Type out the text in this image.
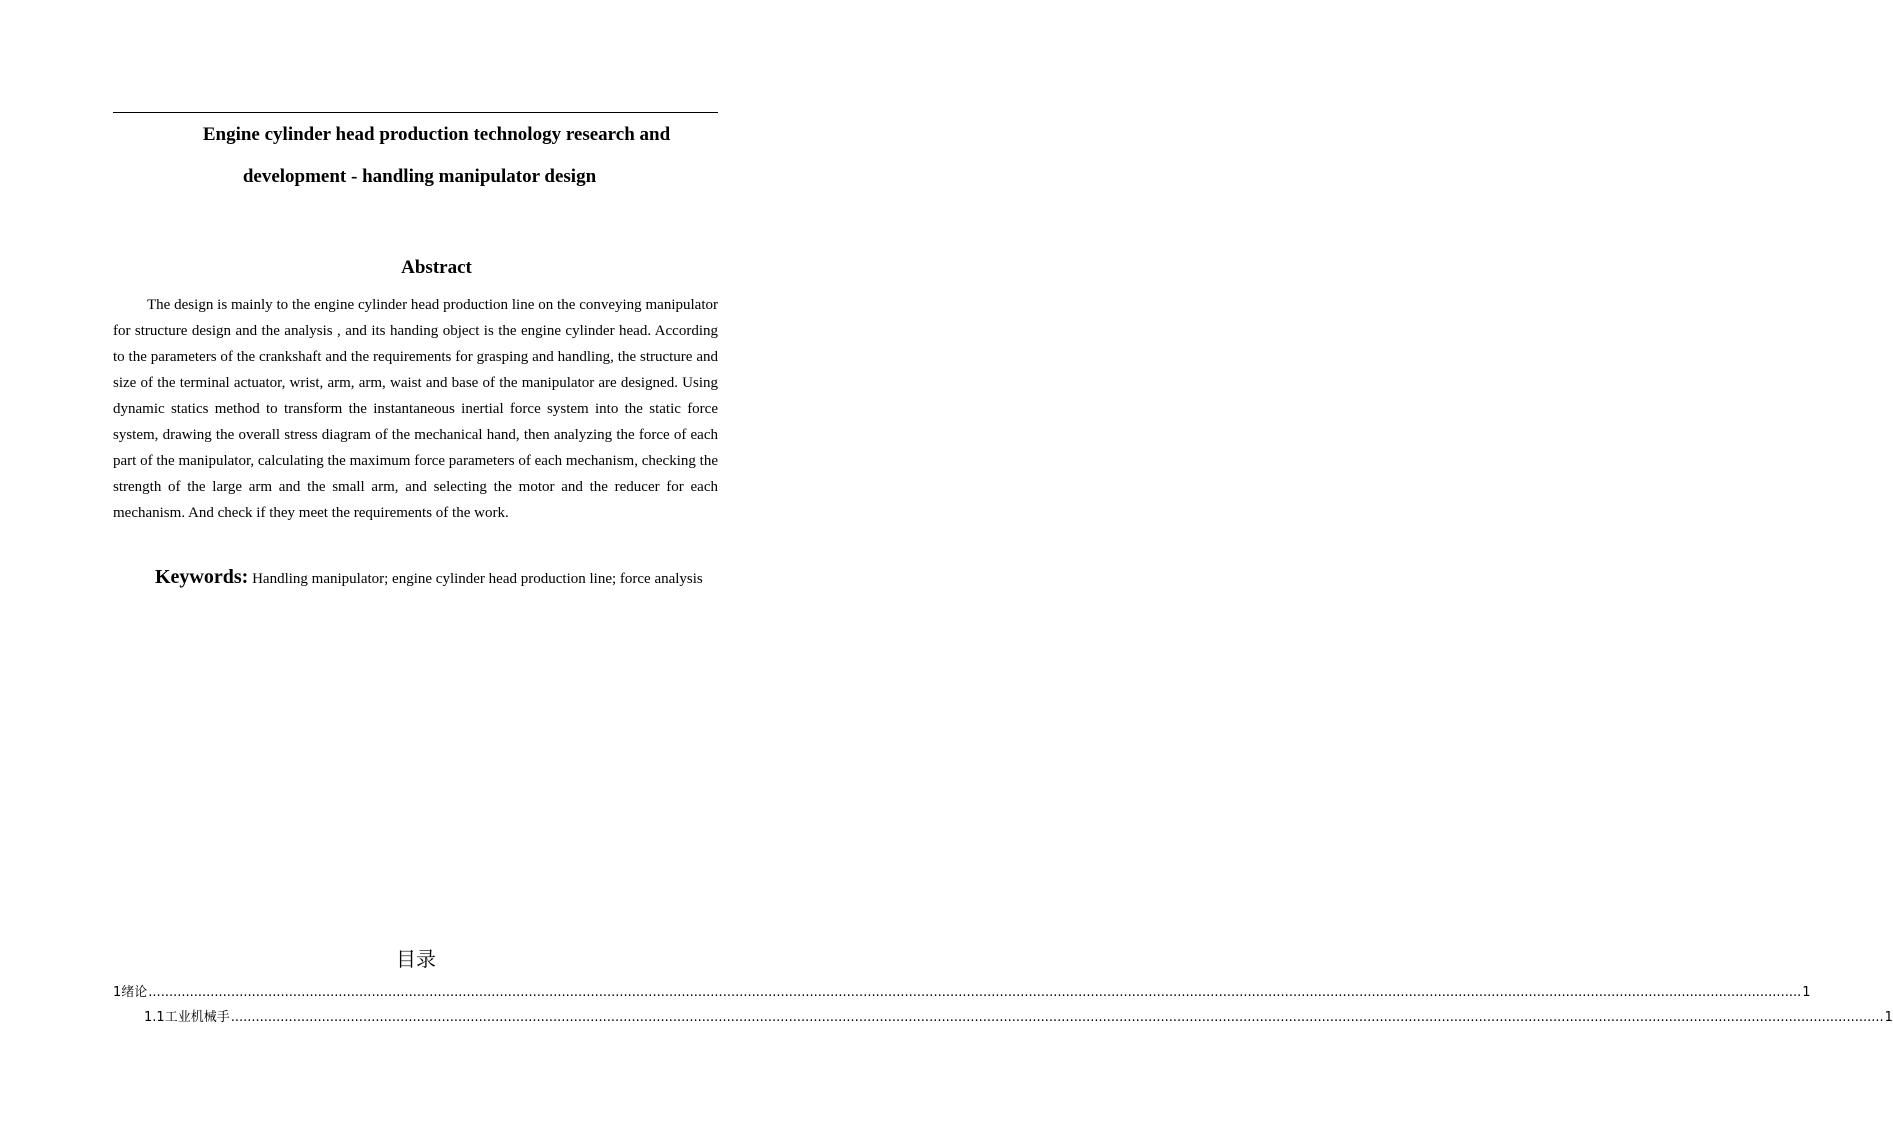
Engine cylinder head production technology research and
development - handling manipulator design
Abstract

The design is mainly to the engine cylinder head production line on the conveying manipulator for structure design and the analysis , and its handing object is the engine cylinder head. According to the parameters of the crankshaft and the requirements for grasping and handling, the structure and size of the terminal actuator, wrist, arm, arm, waist and base of the manipulator are designed. Using dynamic statics method to transform the instantaneous inertial force system into the static force system, drawing the overall stress diagram of the mechanical hand, then analyzing the force of each part of the manipulator, calculating the maximum force parameters of each mechanism, checking the strength of the large arm and the small arm, and selecting the motor and the reducer for each mechanism. And check if they meet the requirements of the work.

Keywords: Handling manipulator; engine cylinder head production line; force analysis

目录
1 绪论 ................................................................................................................................................................................................................................................................................................................................................................................................................ 1
1.1 工业机械手 ................................................................................................................................................................................................................................................................................................................................................................................................................ 1
